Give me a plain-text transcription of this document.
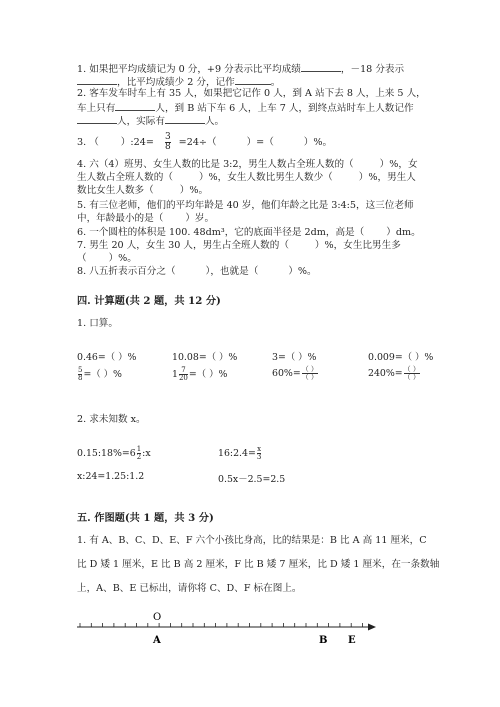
1. 如果把平均成绩记为 0 分，+9 分表示比平均成绩	，－18 分表示
，比平均成绩少 2 分，记作	。
2. 客车发车时车上有 35 人，如果把它记作 0 人，到 A 站下去 8 人，上来 5 人，
车上只有	人，到 B 站下车 6 人，上车 7 人，到终点站时车上人数记作
人，实际有	人。
3. （ ）:24= $\frac{3}{8} =24\div$（	）=（	）%。
4. 六（4）班男、女生人数的比是 3:2，男生人数占全班人数的（	）%，女
生人数占全班人数的（	）%，女生人数比男生人数少（	）%，男生人
数比女生人数多（	）%。
5. 有三位老师，他们的平均年龄是 40 岁，他们年龄之比是 3:4:5，这三位老师
中，年龄最小的是（ ）岁。
6. 一个圆柱的体积是 100. 48dm³，它的底面半径是 2dm，高是（ ）dm。
7. 男生 20 人，女生 30 人，男生占全班人数的（	）%，女生比男生多
（ ）%。
8. 八五折表示百分之（	），也就是（	）%。
四. 计算题(共 2 题，共 12 分)
1. 口算。
0.46=（ ）%	10.08=（ ）%	3=（ ）%	0.009=（ ）%
$\frac{5}{8}$ =（ ）%	$1 \frac{7}{20}$ =（ ）%	$60\%= \frac{( )}{( )}$	$240\%= \frac{( )}{( )}$
2. 求未知数 x。
0.15:18%=6 $\frac{1}{2}$ :x	16:2.4= $\frac{x}{3}$
x:24=1.25:1.2	0.5x－2.5=2.5
五. 作图题(共 1 题，共 3 分)
1. 有 A、B、C、D、E、F 六个小孩比身高，比的结果是：B 比 A 高 11 厘米，C
比 D 矮 1 厘米，E 比 B 高 2 厘米，F 比 B 矮 7 厘米，比 D 矮 1 厘米，在一条数轴
上，A、B、E 已标出，请你将 C、D、F 标在图上。
O
A	B E
